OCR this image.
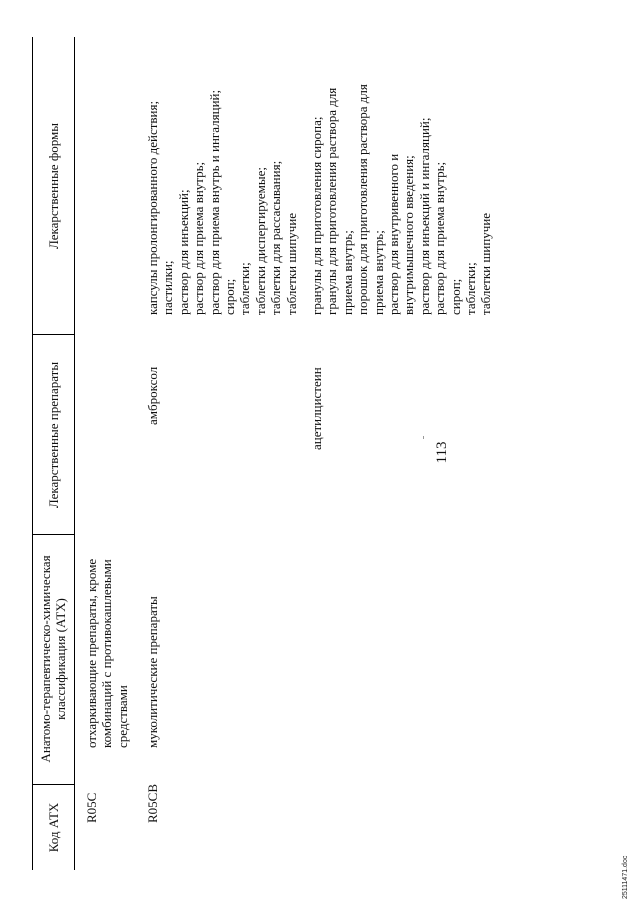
113
Код АТХ
Анатомо-терапевтическо-химическая классификация (АТХ)
Лекарственные препараты
Лекарственные формы
R05C
отхаркивающие препараты, кроме комбинаций с противокашлевыми средствами
R05CB
муколитические препараты
амброксол
капсулы пролонгированного действия; пастилки; раствор для инъекций; раствор для приема внутрь; раствор для приема внутрь и ингаляций; сироп; таблетки; таблетки диспергируемые; таблетки для рассасывания; таблетки шипучие
ацетилцистеин
гранулы для приготовления сиропа; гранулы для приготовления раствора для приема внутрь; порошок для приготовления раствора для приема внутрь; раствор для внутривенного и внутримышечного введения; раствор для инъекций и ингаляций; раствор для приема внутрь; сироп; таблетки; таблетки шипучие
25111471.doc
